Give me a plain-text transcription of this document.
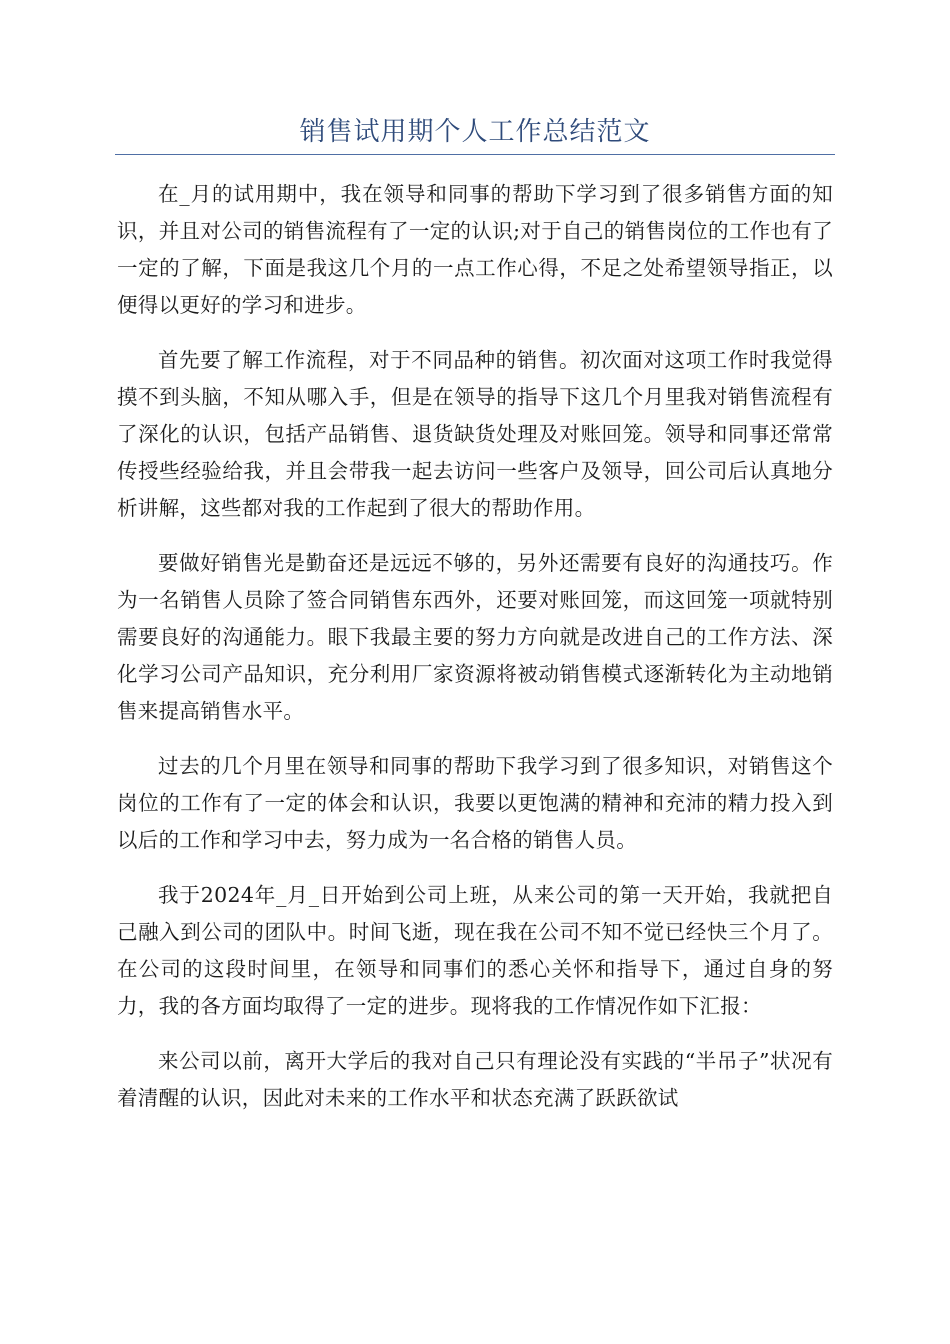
销售试用期个人工作总结范文

在_月的试用期中，我在领导和同事的帮助下学习到了很多销售方面的知识，并且对公司的销售流程有了一定的认识;对于自己的销售岗位的工作也有了一定的了解，下面是我这几个月的一点工作心得，不足之处希望领导指正，以便得以更好的学习和进步。

首先要了解工作流程，对于不同品种的销售。初次面对这项工作时我觉得摸不到头脑，不知从哪入手，但是在领导的指导下这几个月里我对销售流程有了深化的认识，包括产品销售、退货缺货处理及对账回笼。领导和同事还常常传授些经验给我，并且会带我一起去访问一些客户及领导，回公司后认真地分析讲解，这些都对我的工作起到了很大的帮助作用。

要做好销售光是勤奋还是远远不够的，另外还需要有良好的沟通技巧。作为一名销售人员除了签合同销售东西外，还要对账回笼，而这回笼一项就特别需要良好的沟通能力。眼下我最主要的努力方向就是改进自己的工作方法、深化学习公司产品知识，充分利用厂家资源将被动销售模式逐渐转化为主动地销售来提高销售水平。

过去的几个月里在领导和同事的帮助下我学习到了很多知识，对销售这个岗位的工作有了一定的体会和认识，我要以更饱满的精神和充沛的精力投入到以后的工作和学习中去，努力成为一名合格的销售人员。

我于2024年_月_日开始到公司上班，从来公司的第一天开始，我就把自己融入到公司的团队中。时间飞逝，现在我在公司不知不觉已经快三个月了。在公司的这段时间里，在领导和同事们的悉心关怀和指导下，通过自身的努力，我的各方面均取得了一定的进步。现将我的工作情况作如下汇报：

来公司以前，离开大学后的我对自己只有理论没有实践的“半吊子”状况有着清醒的认识，因此对未来的工作水平和状态充满了跃跃欲试
